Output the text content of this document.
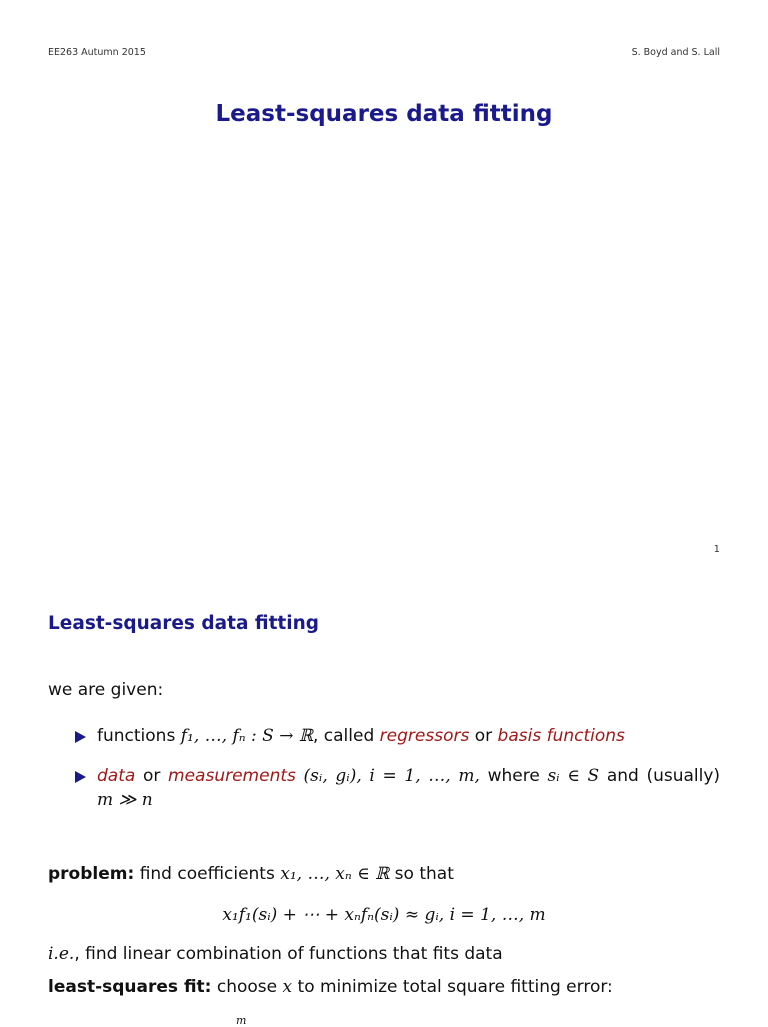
EE263 Autumn 2015	S. Boyd and S. Lall
Least-squares data fitting
1
Least-squares data fitting
we are given:
functions f₁, …, fₙ : S → ℝ, called regressors or basis functions
data or measurements (sᵢ, gᵢ), i = 1, …, m, where sᵢ ∈ S and (usually)
m ≫ n
problem: find coefficients x₁, …, xₙ ∈ ℝ so that
x₁f₁(sᵢ) + ⋯ + xₙfₙ(sᵢ) ≈ gᵢ, i = 1, …, m
i.e., find linear combination of functions that fits data
least-squares fit: choose x to minimize total square fitting error:
m
